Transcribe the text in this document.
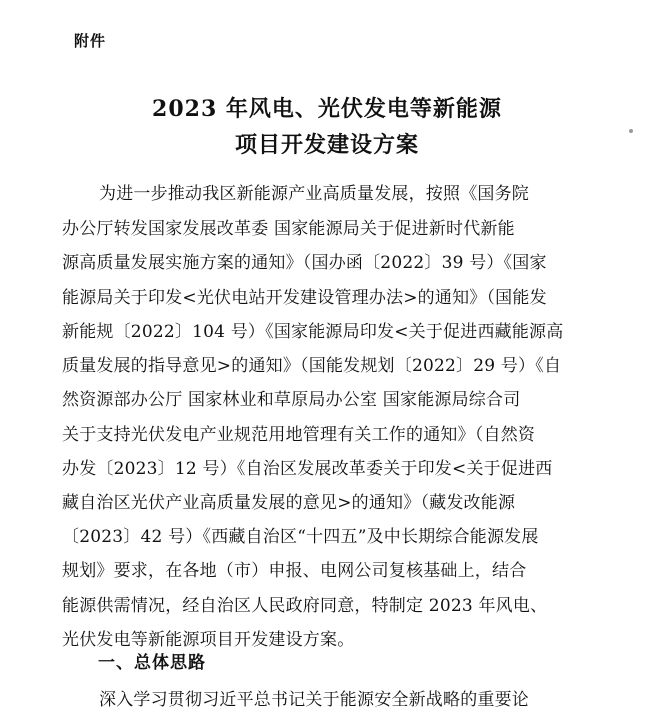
附件
2023 年风电、光伏发电等新能源
项目开发建设方案
为进一步推动我区新能源产业高质量发展，按照《国务院
办公厅转发国家发展改革委 国家能源局关于促进新时代新能
源高质量发展实施方案的通知》（国办函〔2022〕39 号）《国家
能源局关于印发<光伏电站开发建设管理办法>的通知》（国能发
新能规〔2022〕104 号）《国家能源局印发<关于促进西藏能源高
质量发展的指导意见>的通知》（国能发规划〔2022〕29 号）《自
然资源部办公厅 国家林业和草原局办公室 国家能源局综合司
关于支持光伏发电产业规范用地管理有关工作的通知》（自然资
办发〔2023〕12 号）《自治区发展改革委关于印发<关于促进西
藏自治区光伏产业高质量发展的意见>的通知》（藏发改能源
〔2023〕42 号）《西藏自治区“十四五”及中长期综合能源发展
规划》要求，在各地（市）申报、电网公司复核基础上，结合
能源供需情况，经自治区人民政府同意，特制定 2023 年风电、
光伏发电等新能源项目开发建设方案。
一、总体思路
深入学习贯彻习近平总书记关于能源安全新战略的重要论
